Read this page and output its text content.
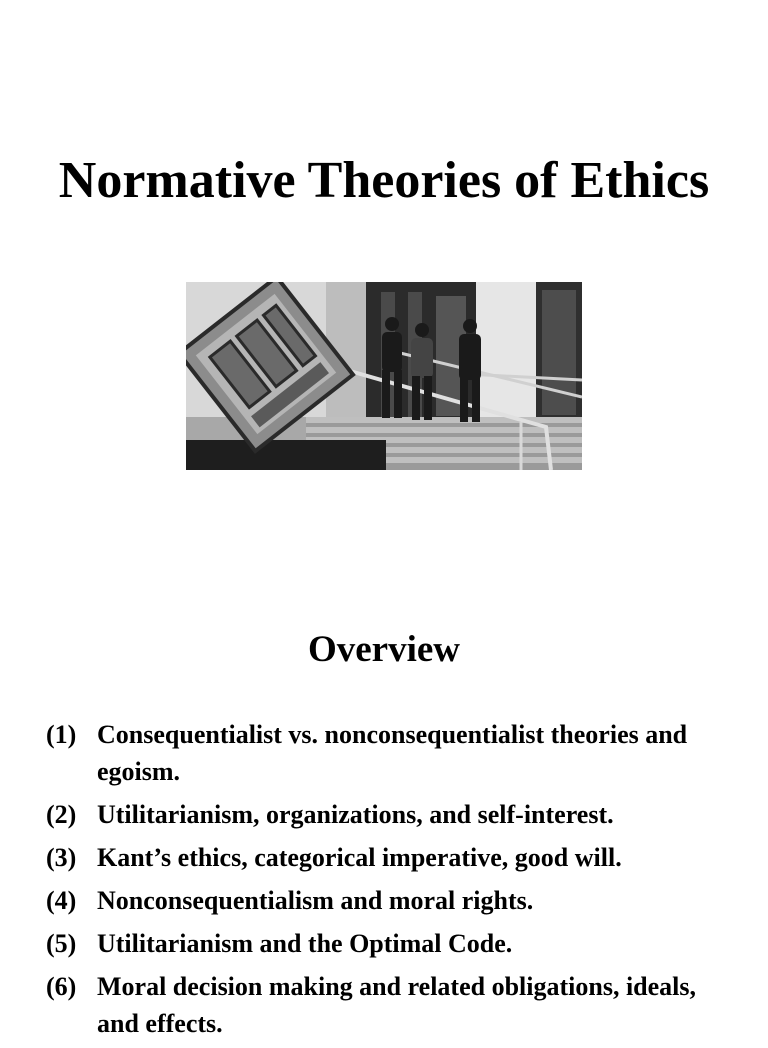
Normative Theories of Ethics
Overview
(1) Consequentialist vs. nonconsequentialist theories and egoism.
(2) Utilitarianism, organizations, and self-interest.
(3) Kant’s ethics, categorical imperative, good will.
(4) Nonconsequentialism and moral rights.
(5) Utilitarianism and the Optimal Code.
(6) Moral decision making and related obligations, ideals, and effects.
